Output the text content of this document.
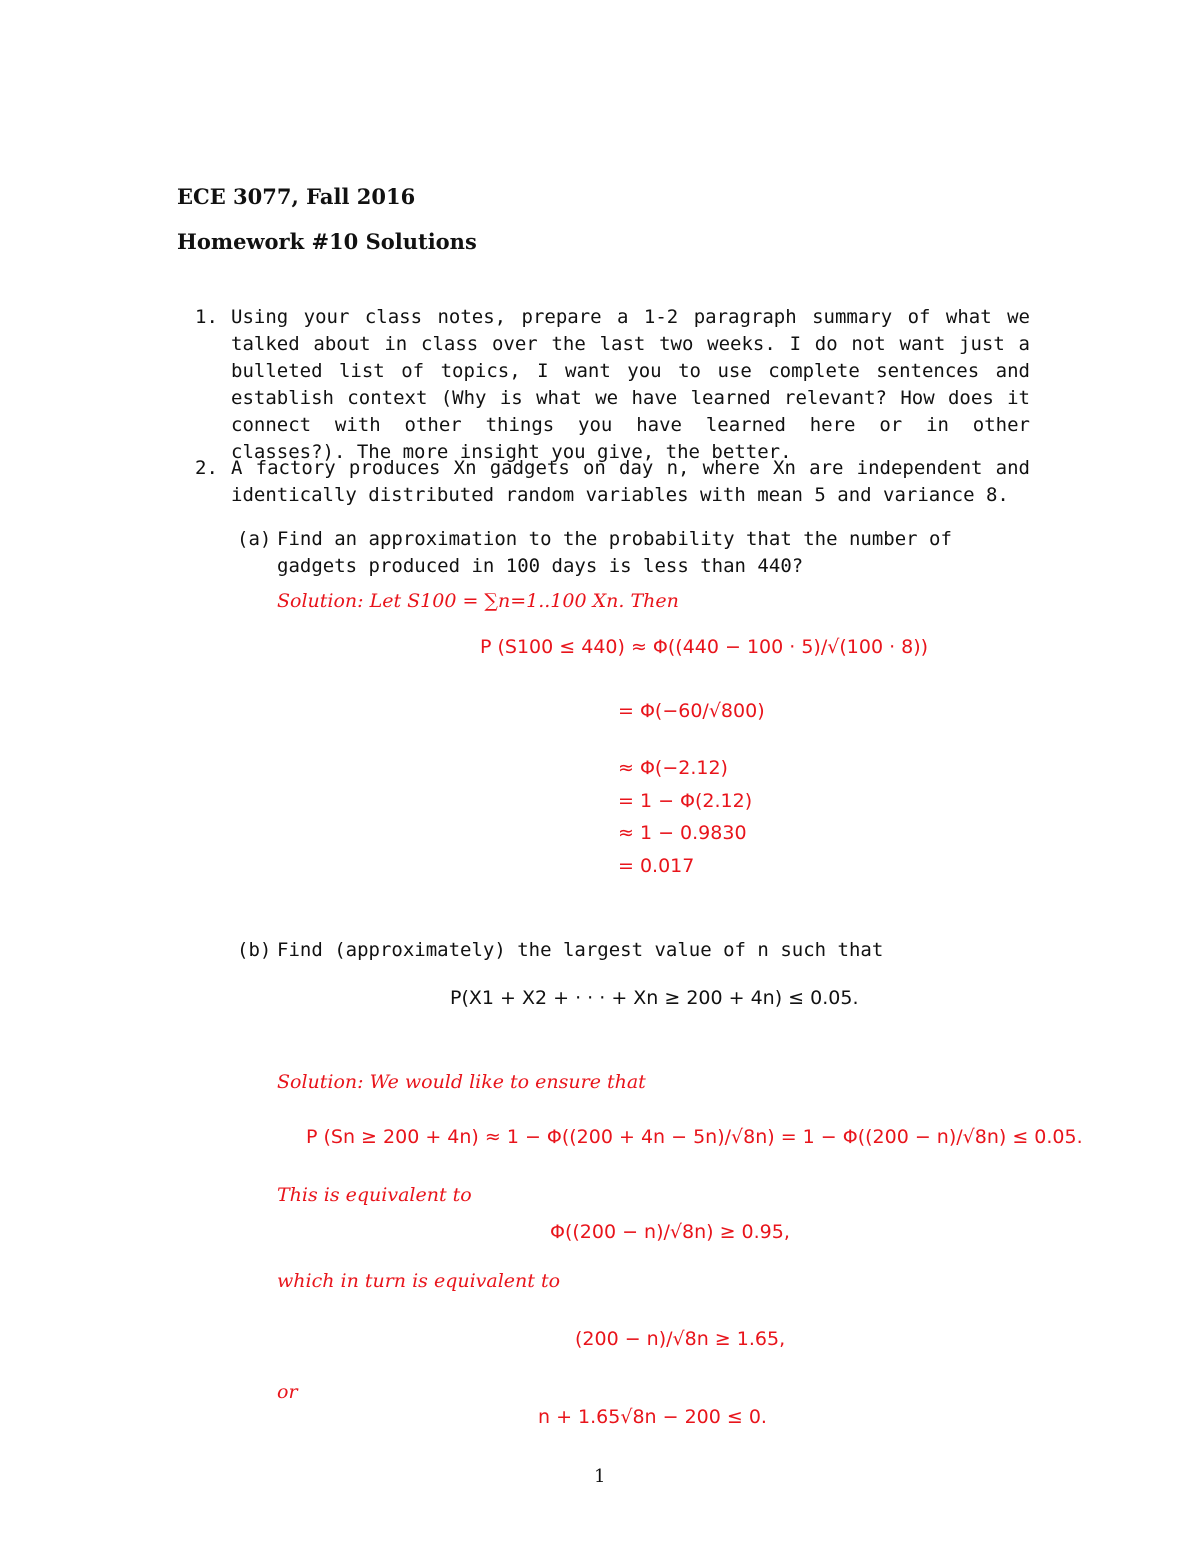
ECE 3077, Fall 2016
Homework #10 Solutions
1. Using your class notes, prepare a 1-2 paragraph summary of what we talked about in class over the last two weeks. I do not want just a bulleted list of topics, I want you to use complete sentences and establish context (Why is what we have learned relevant? How does it connect with other things you have learned here or in other classes?). The more insight you give, the better.
2. A factory produces Xn gadgets on day n, where Xn are independent and identically distributed random variables with mean 5 and variance 8.
(a) Find an approximation to the probability that the number of gadgets produced in 100 days is less than 440?
Solution: Let S100 = ∑n=1..100 Xn. Then
P (S100 ≤ 440) ≈ Φ((440 − 100 · 5)/√(100 · 8))
= Φ(−60/√800)
≈ Φ(−2.12)
= 1 − Φ(2.12)
≈ 1 − 0.9830
= 0.017
(b) Find (approximately) the largest value of n such that
P(X1 + X2 + · · · + Xn ≥ 200 + 4n) ≤ 0.05.
Solution: We would like to ensure that
P (Sn ≥ 200 + 4n) ≈ 1 − Φ((200 + 4n − 5n)/√8n) = 1 − Φ((200 − n)/√8n) ≤ 0.05.
This is equivalent to
Φ((200 − n)/√8n) ≥ 0.95,
which in turn is equivalent to
(200 − n)/√8n ≥ 1.65,
or
n + 1.65√8n − 200 ≤ 0.
1
